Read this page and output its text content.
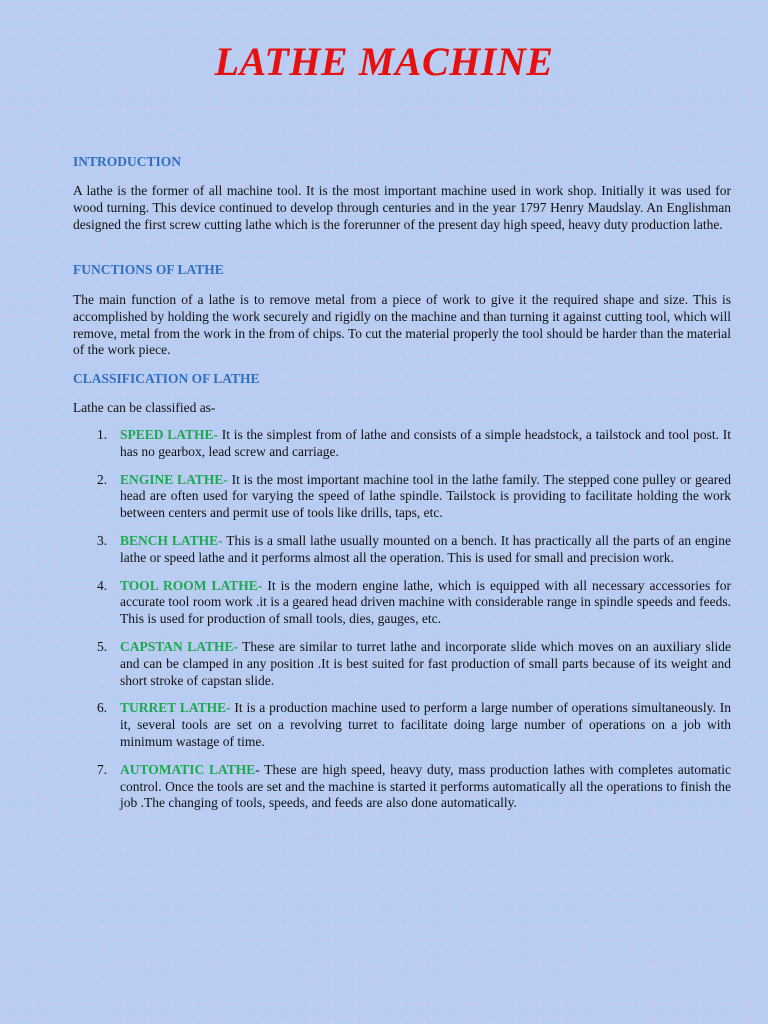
LATHE MACHINE
INTRODUCTION

A lathe is the former of all machine tool. It is the most important machine used in work shop. Initially it was used for wood turning. This device continued to develop through centuries and in the year 1797 Henry Maudslay. An Englishman designed the first screw cutting lathe which is the forerunner of the present day high speed, heavy duty production lathe.

FUNCTIONS OF LATHE

The main function of a lathe is to remove metal from a piece of work to give it the required shape and size. This is accomplished by holding the work securely and rigidly on the machine and than turning it against cutting tool, which will remove, metal from the work in the from of chips. To cut the material properly the tool should be harder than the material of the work piece.

CLASSIFICATION OF LATHE

Lathe can be classified as-

1. SPEED LATHE- It is the simplest from of lathe and consists of a simple headstock, a tailstock and tool post. It has no gearbox, lead screw and carriage.
2. ENGINE LATHE- It is the most important machine tool in the lathe family. The stepped cone pulley or geared head are often used for varying the speed of lathe spindle. Tailstock is providing to facilitate holding the work between centers and permit use of tools like drills, taps, etc.
3. BENCH LATHE- This is a small lathe usually mounted on a bench. It has practically all the parts of an engine lathe or speed lathe and it performs almost all the operation. This is used for small and precision work.
4. TOOL ROOM LATHE- It is the modern engine lathe, which is equipped with all necessary accessories for accurate tool room work .it is a geared head driven machine with considerable range in spindle speeds and feeds. This is used for production of small tools, dies, gauges, etc.
5. CAPSTAN LATHE- These are similar to turret lathe and incorporate slide which moves on an auxiliary slide and can be clamped in any position .It is best suited for fast production of small parts because of its weight and short stroke of capstan slide.
6. TURRET LATHE- It is a production machine used to perform a large number of operations simultaneously. In it, several tools are set on a revolving turret to facilitate doing large number of operations on a job with minimum wastage of time.
7. AUTOMATIC LATHE- These are high speed, heavy duty, mass production lathes with completes automatic control. Once the tools are set and the machine is started it performs automatically all the operations to finish the job .The changing of tools, speeds, and feeds are also done automatically.
